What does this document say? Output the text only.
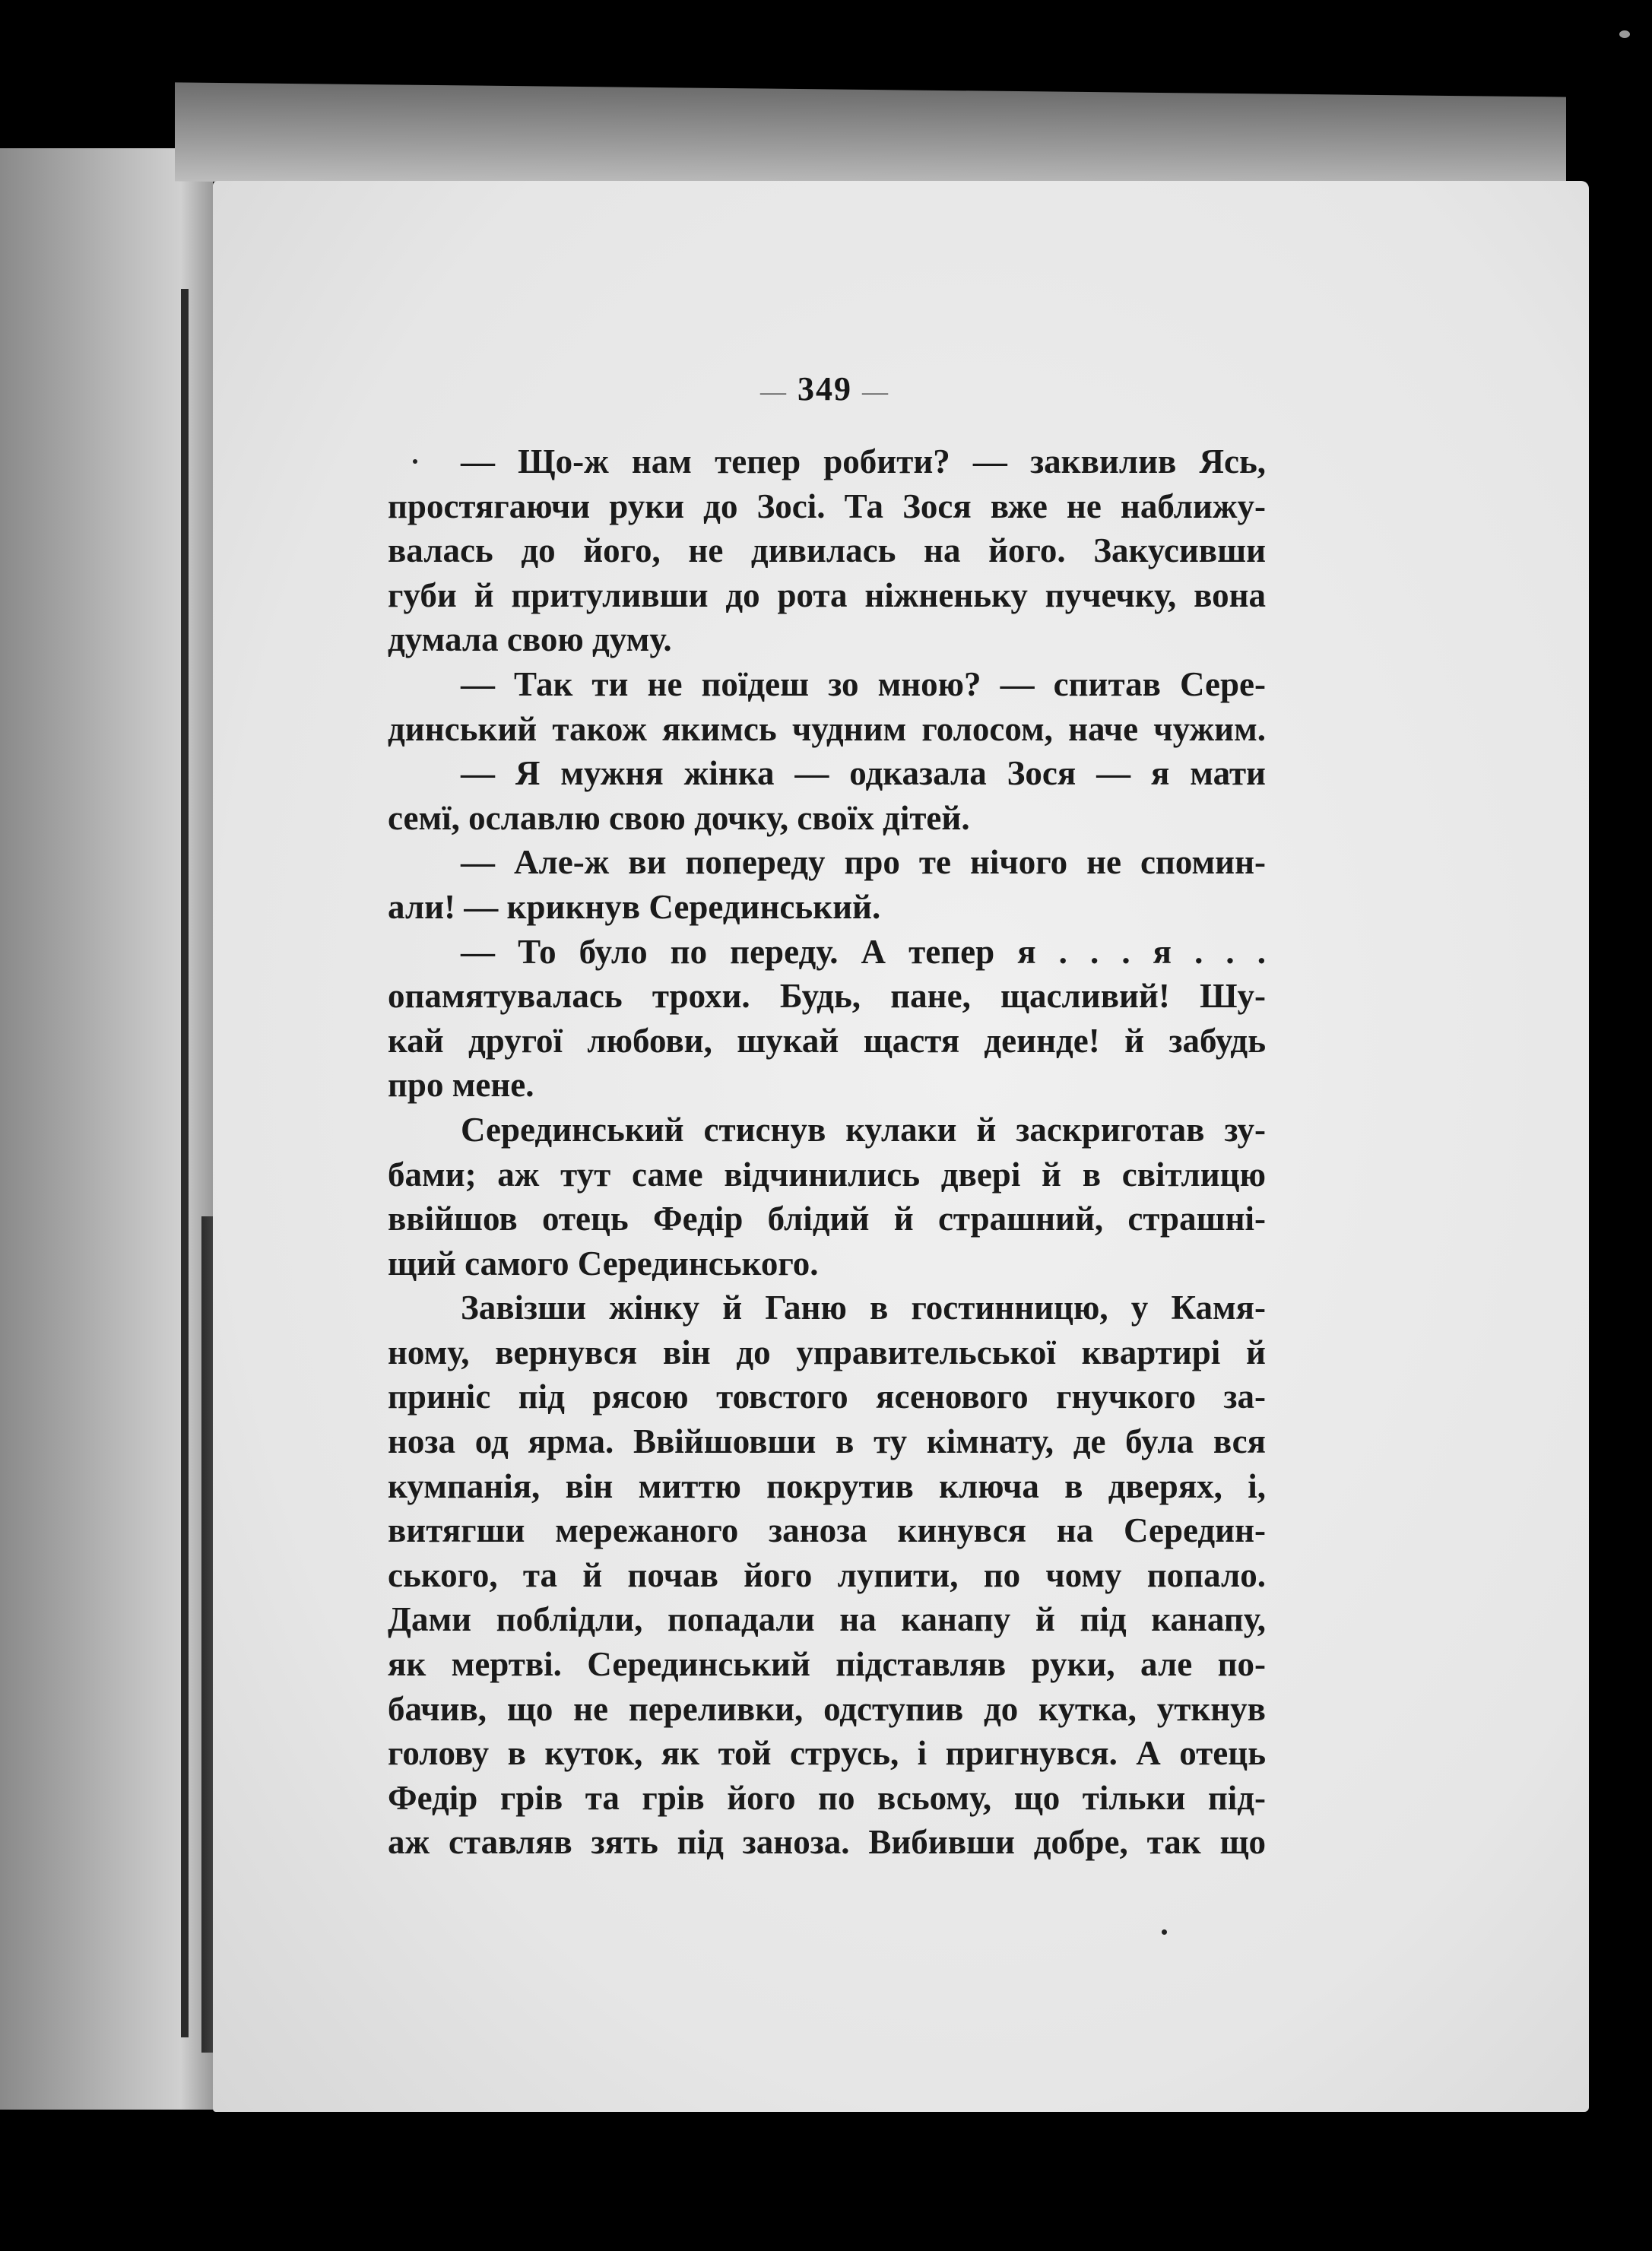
— 349 —
— Що-ж нам тепер робити? — заквилив Ясь,
простягаючи руки до Зосі. Та Зося вже не наближу-
валась до його, не дивилась на його. Закусивши
губи й притуливши до рота ніжненьку пучечку, вона
думала свою думу.
— Так ти не поїдеш зо мною? — спитав Сере-
динський також якимсь чудним голосом, наче чужим.
— Я мужня жінка — одказала Зося — я мати
семї, ославлю свою дочку, своїх дітей.
— Але-ж ви попереду про те нічого не спомин-
али! — крикнув Серединський.
— То було по переду. А тепер я . . . я . . .
опамятувалась трохи. Будь, пане, щасливий! Шу-
кай другої любови, шукай щастя деинде! й забудь
про мене.
Серединський стиснув кулаки й заскриготав зу-
бами; аж тут саме відчинились двері й в світлицю
ввійшов отець Федір блідий й страшний, страшні-
щий самого Серединського.
Завізши жінку й Ганю в гостинницю, у Камя-
ному, вернувся він до управительської квартирі й
приніс під рясою товстого ясенового гнучкого за-
ноза од ярма. Ввійшовши в ту кімнату, де була вся
кумпанія, він миттю покрутив ключа в дверях, і,
витягши мережаного заноза кинувся на Середин-
ського, та й почав його лупити, по чому попало.
Дами поблідли, попадали на канапу й під канапу,
як мертві. Серединський підставляв руки, але по-
бачив, що не переливки, одступив до кутка, уткнув
голову в куток, як той струсь, і пригнувся. А отець
Федір грів та грів його по всьому, що тільки під-
аж ставляв зять під заноза. Вибивши добре, так що
